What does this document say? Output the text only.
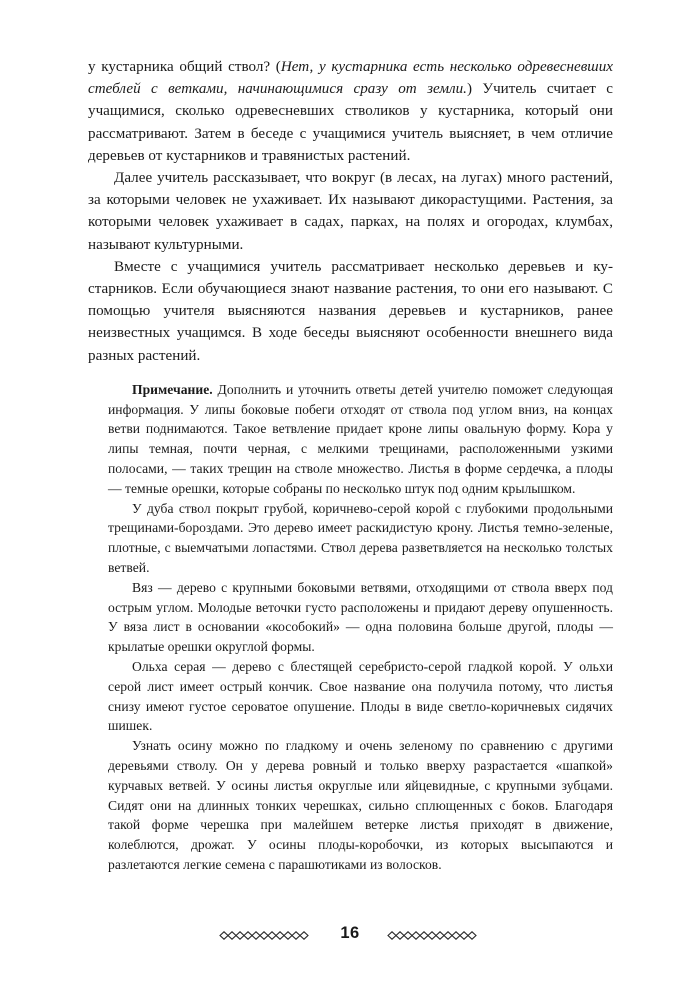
у кустарника общий ствол? (Нет, у кустарника есть несколько одревесневших стеблей с ветками, начинающимися сразу от земли.) Учитель считает с учащимися, сколько одревесневших стволиков у кустарника, который они рассматривают. Затем в беседе с учащимися учитель выясняет, в чем отличие деревьев от кустарников и травянистых растений.

Далее учитель рассказывает, что вокруг (в лесах, на лугах) много растений, за которыми человек не ухаживает. Их называют дикорастущими. Растения, за которыми человек ухаживает в садах, парках, на полях и огородах, клумбах, называют культурными.

Вместе с учащимися учитель рассматривает несколько деревьев и кустарников. Если обучающиеся знают название растения, то они его называют. С помощью учителя выясняются названия деревьев и кустарников, ранее неизвестных учащимся. В ходе беседы выясняют особенности внешнего вида разных растений.

Примечание. Дополнить и уточнить ответы детей учителю поможет следующая информация. У липы боковые побеги отходят от ствола под углом вниз, на концах ветви поднимаются. Такое ветвление придает кроне липы овальную форму. Кора у липы темная, почти черная, с мелкими трещинами, расположенными узкими полосами, — таких трещин на стволе множество. Листья в форме сердечка, а плоды — темные орешки, которые собраны по несколько штук под одним крылышком.

У дуба ствол покрыт грубой, коричнево-серой корой с глубокими продольными трещинами-бороздами. Это дерево имеет раскидистую крону. Листья темно-зеленые, плотные, с выемчатыми лопастями. Ствол дерева разветвляется на несколько толстых ветвей.

Вяз — дерево с крупными боковыми ветвями, отходящими от ствола вверх под острым углом. Молодые веточки густо расположены и придают дереву опушенность. У вяза лист в основании «кособокий» — одна половина больше другой, плоды — крылатые орешки округлой формы.

Ольха серая — дерево с блестящей серебристо-серой гладкой корой. У ольхи серой лист имеет острый кончик. Свое название она получила потому, что листья снизу имеют густое сероватое опушение. Плоды в виде светло-коричневых сидячих шишек.

Узнать осину можно по гладкому и очень зеленому по сравнению с другими деревьями стволу. Он у дерева ровный и только вверху разрастается «шапкой» курчавых ветвей. У осины листья округлые или яйцевидные, с крупными зубцами. Сидят они на длинных тонких черешках, сильно сплющенных с боков. Благодаря такой форме черешка при малейшем ветерке листья приходят в движение, колеблются, дрожат. У осины плоды-коробочки, из которых высыпаются и разлетаются легкие семена с парашютиками из волосков.

16
